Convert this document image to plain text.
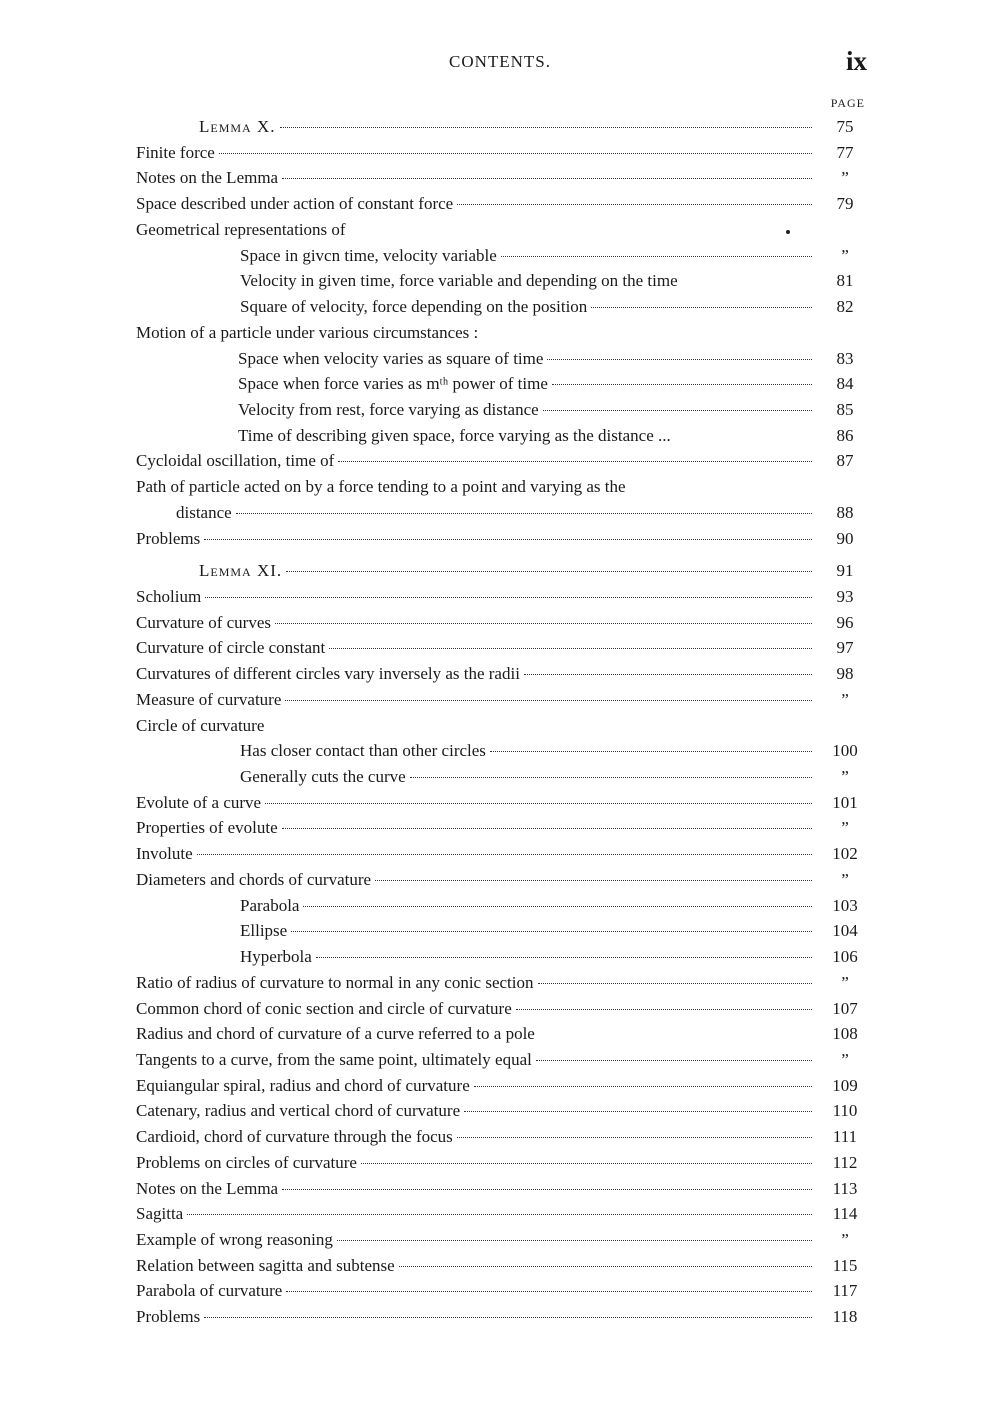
CONTENTS.	ix
PAGE
Lemma X.	75
Finite force	77
Notes on the Lemma	”
Space described under action of constant force	79
Geometrical representations of
Space in givcn time, velocity variable	”
Velocity in given time, force variable and depending on the time	81
Square of velocity, force depending on the position	82
Motion of a particle under various circumstances :
Space when velocity varies as square of time	83
Space when force varies as mᵗʰ power of time	84
Velocity from rest, force varying as distance	85
Time of describing given space, force varying as the distance ...	86
Cycloidal oscillation, time of	87
Path of particle acted on by a force tending to a point and varying as the
distance	88
Problems	90
Lemma XI.	91
Scholium	93
Curvature of curves	96
Curvature of circle constant	97
Curvatures of different circles vary inversely as the radii	98
Measure of curvature	”
Circle of curvature
Has closer contact than other circles	100
Generally cuts the curve	”
Evolute of a curve	101
Properties of evolute	”
Involute	102
Diameters and chords of curvature	”
Parabola	103
Ellipse	104
Hyperbola	106
Ratio of radius of curvature to normal in any conic section	”
Common chord of conic section and circle of curvature	107
Radius and chord of curvature of a curve referred to a pole	108
Tangents to a curve, from the same point, ultimately equal	”
Equiangular spiral, radius and chord of curvature	109
Catenary, radius and vertical chord of curvature	110
Cardioid, chord of curvature through the focus	111
Problems on circles of curvature	112
Notes on the Lemma	113
Sagitta	114
Example of wrong reasoning	”
Relation between sagitta and subtense	115
Parabola of curvature	117
Problems	118
